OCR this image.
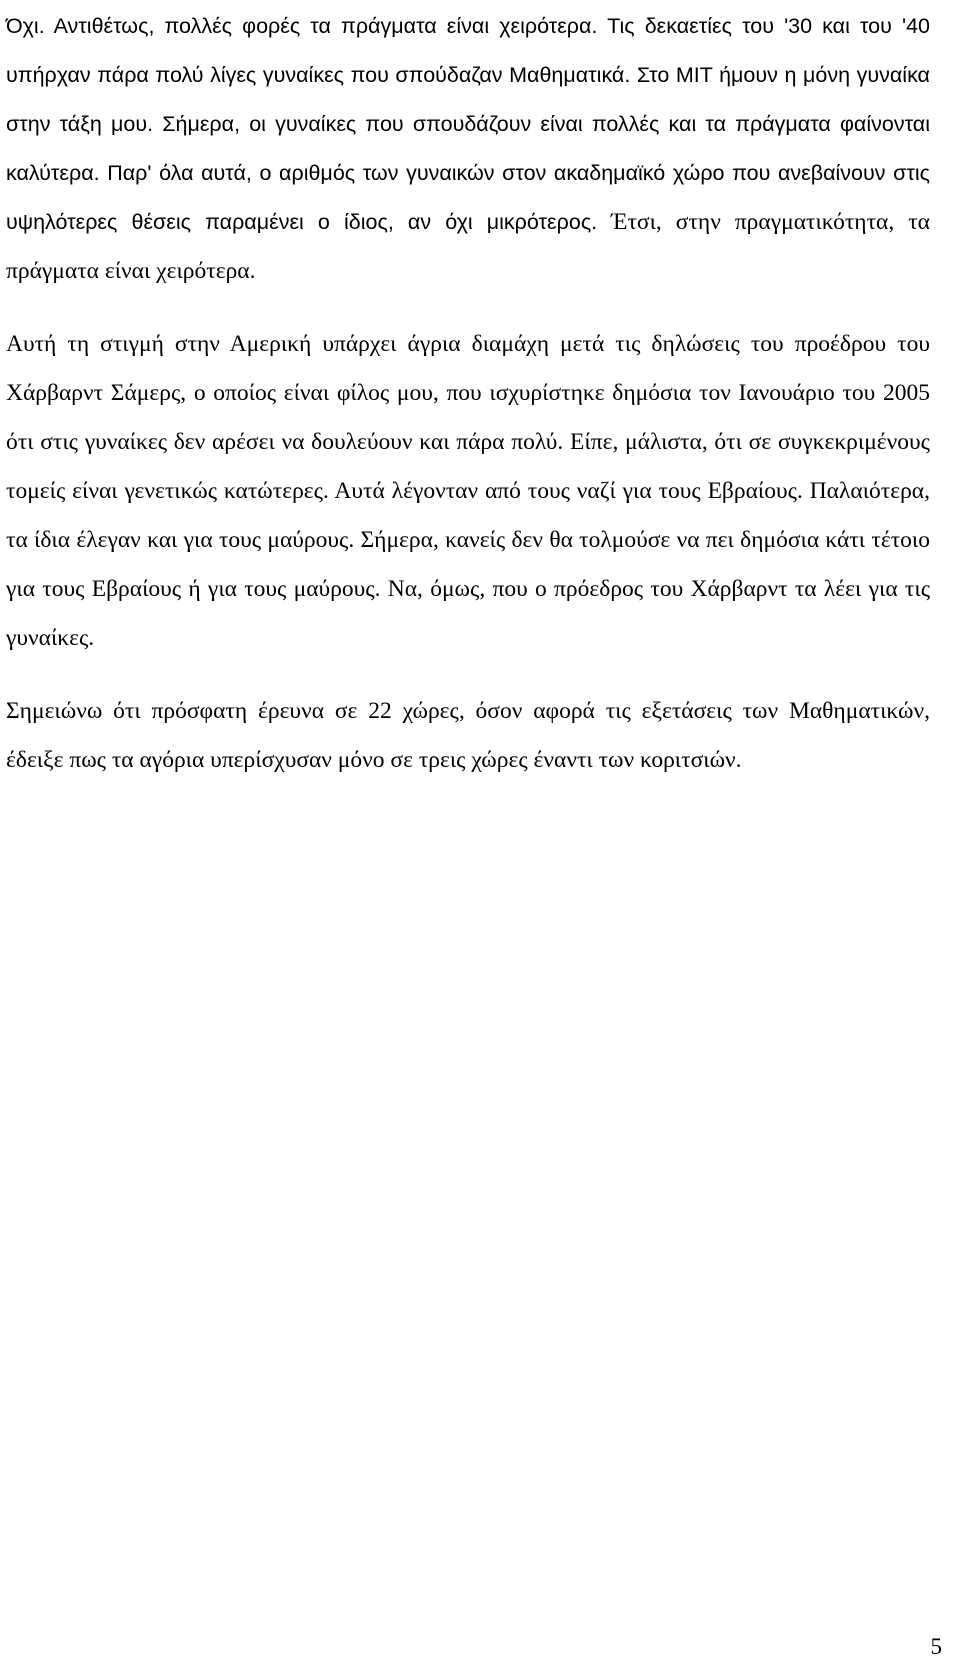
Όχι. Αντιθέτως, πολλές φορές τα πράγματα είναι χειρότερα. Τις δεκαετίες του '30 και του '40 υπήρχαν πάρα πολύ λίγες γυναίκες που σπούδαζαν Μαθηματικά. Στο MIT ήμουν η μόνη γυναίκα στην τάξη μου. Σήμερα, οι γυναίκες που σπουδάζουν είναι πολλές και τα πράγματα φαίνονται καλύτερα. Παρ' όλα αυτά, ο αριθμός των γυναικών στον ακαδημαϊκό χώρο που ανεβαίνουν στις υψηλότερες θέσεις παραμένει ο ίδιος, αν όχι μικρότερος. Έτσι, στην πραγματικότητα, τα πράγματα είναι χειρότερα.

Αυτή τη στιγμή στην Αμερική υπάρχει άγρια διαμάχη μετά τις δηλώσεις του προέδρου του Χάρβαρντ Σάμερς, ο οποίος είναι φίλος μου, που ισχυρίστηκε δημόσια τον Ιανουάριο του 2005 ότι στις γυναίκες δεν αρέσει να δουλεύουν και πάρα πολύ. Είπε, μάλιστα, ότι σε συγκεκριμένους τομείς είναι γενετικώς κατώτερες. Αυτά λέγονταν από τους ναζί για τους Εβραίους. Παλαιότερα, τα ίδια έλεγαν και για τους μαύρους. Σήμερα, κανείς δεν θα τολμούσε να πει δημόσια κάτι τέτοιο για τους Εβραίους ή για τους μαύρους. Να, όμως, που ο πρόεδρος του Χάρβαρντ τα λέει για τις γυναίκες.

Σημειώνω ότι πρόσφατη έρευνα σε 22 χώρες, όσον αφορά τις εξετάσεις των Μαθηματικών, έδειξε πως τα αγόρια υπερίσχυσαν μόνο σε τρεις χώρες έναντι των κοριτσιών.

5
